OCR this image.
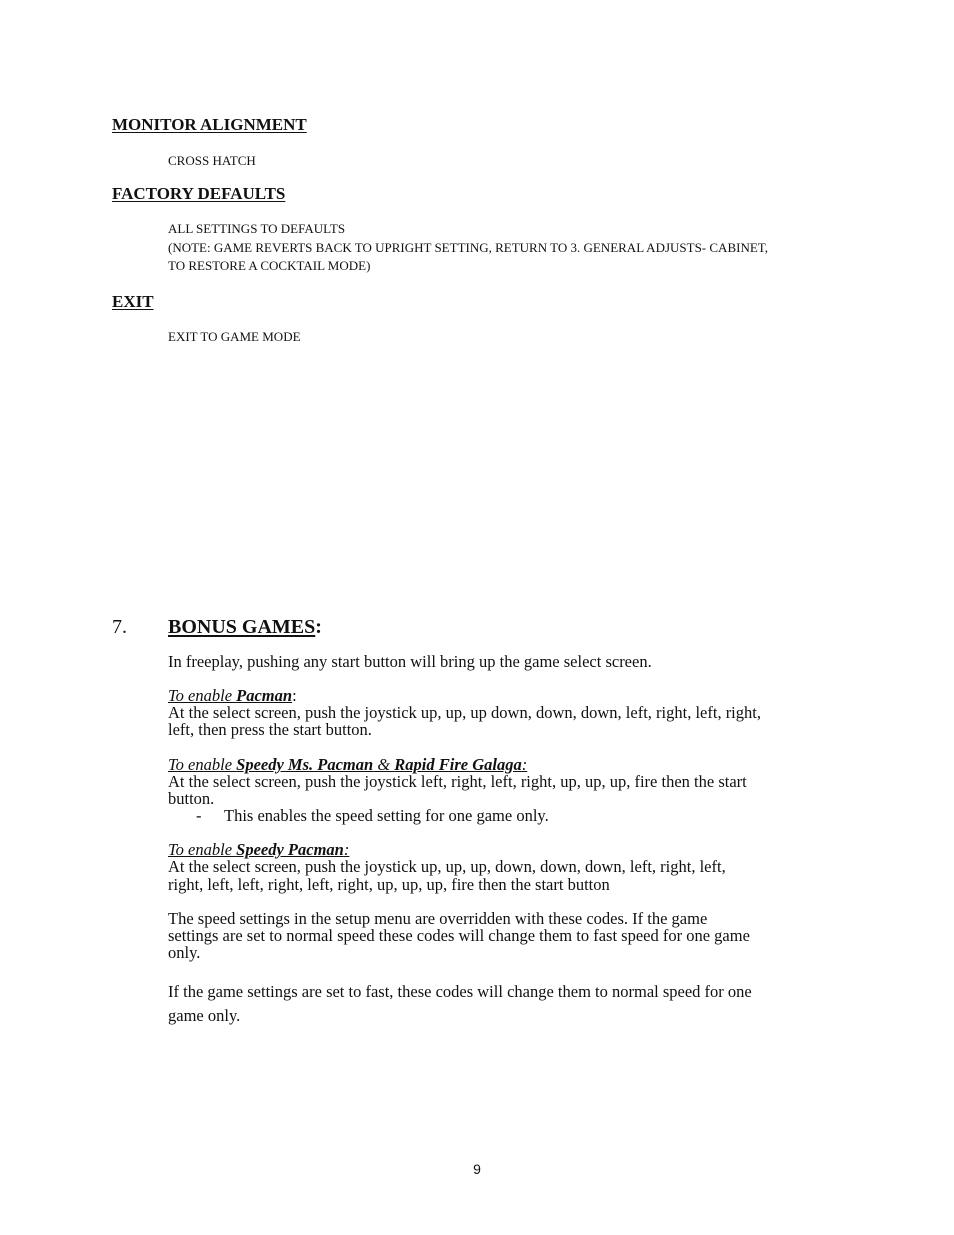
MONITOR ALIGNMENT
CROSS HATCH
FACTORY DEFAULTS
ALL SETTINGS TO DEFAULTS
(NOTE: GAME REVERTS BACK TO UPRIGHT SETTING, RETURN TO 3. GENERAL ADJUSTS- CABINET,
TO RESTORE A COCKTAIL MODE)
EXIT
EXIT TO GAME MODE
7. BONUS GAMES:
In freeplay, pushing any start button will bring up the game select screen.
To enable Pacman:
At the select screen, push the joystick up, up, up down, down, down, left, right, left, right,
left, then press the start button.
To enable Speedy Ms. Pacman & Rapid Fire Galaga:
At the select screen, push the joystick left, right, left, right, up, up, up, fire then the start
button.
- This enables the speed setting for one game only.
To enable Speedy Pacman:
At the select screen, push the joystick up, up, up, down, down, down, left, right, left,
right, left, left, right, left, right, up, up, up, fire then the start button
The speed settings in the setup menu are overridden with these codes. If the game
settings are set to normal speed these codes will change them to fast speed for one game
only.
If the game settings are set to fast, these codes will change them to normal speed for one
game only.
9
